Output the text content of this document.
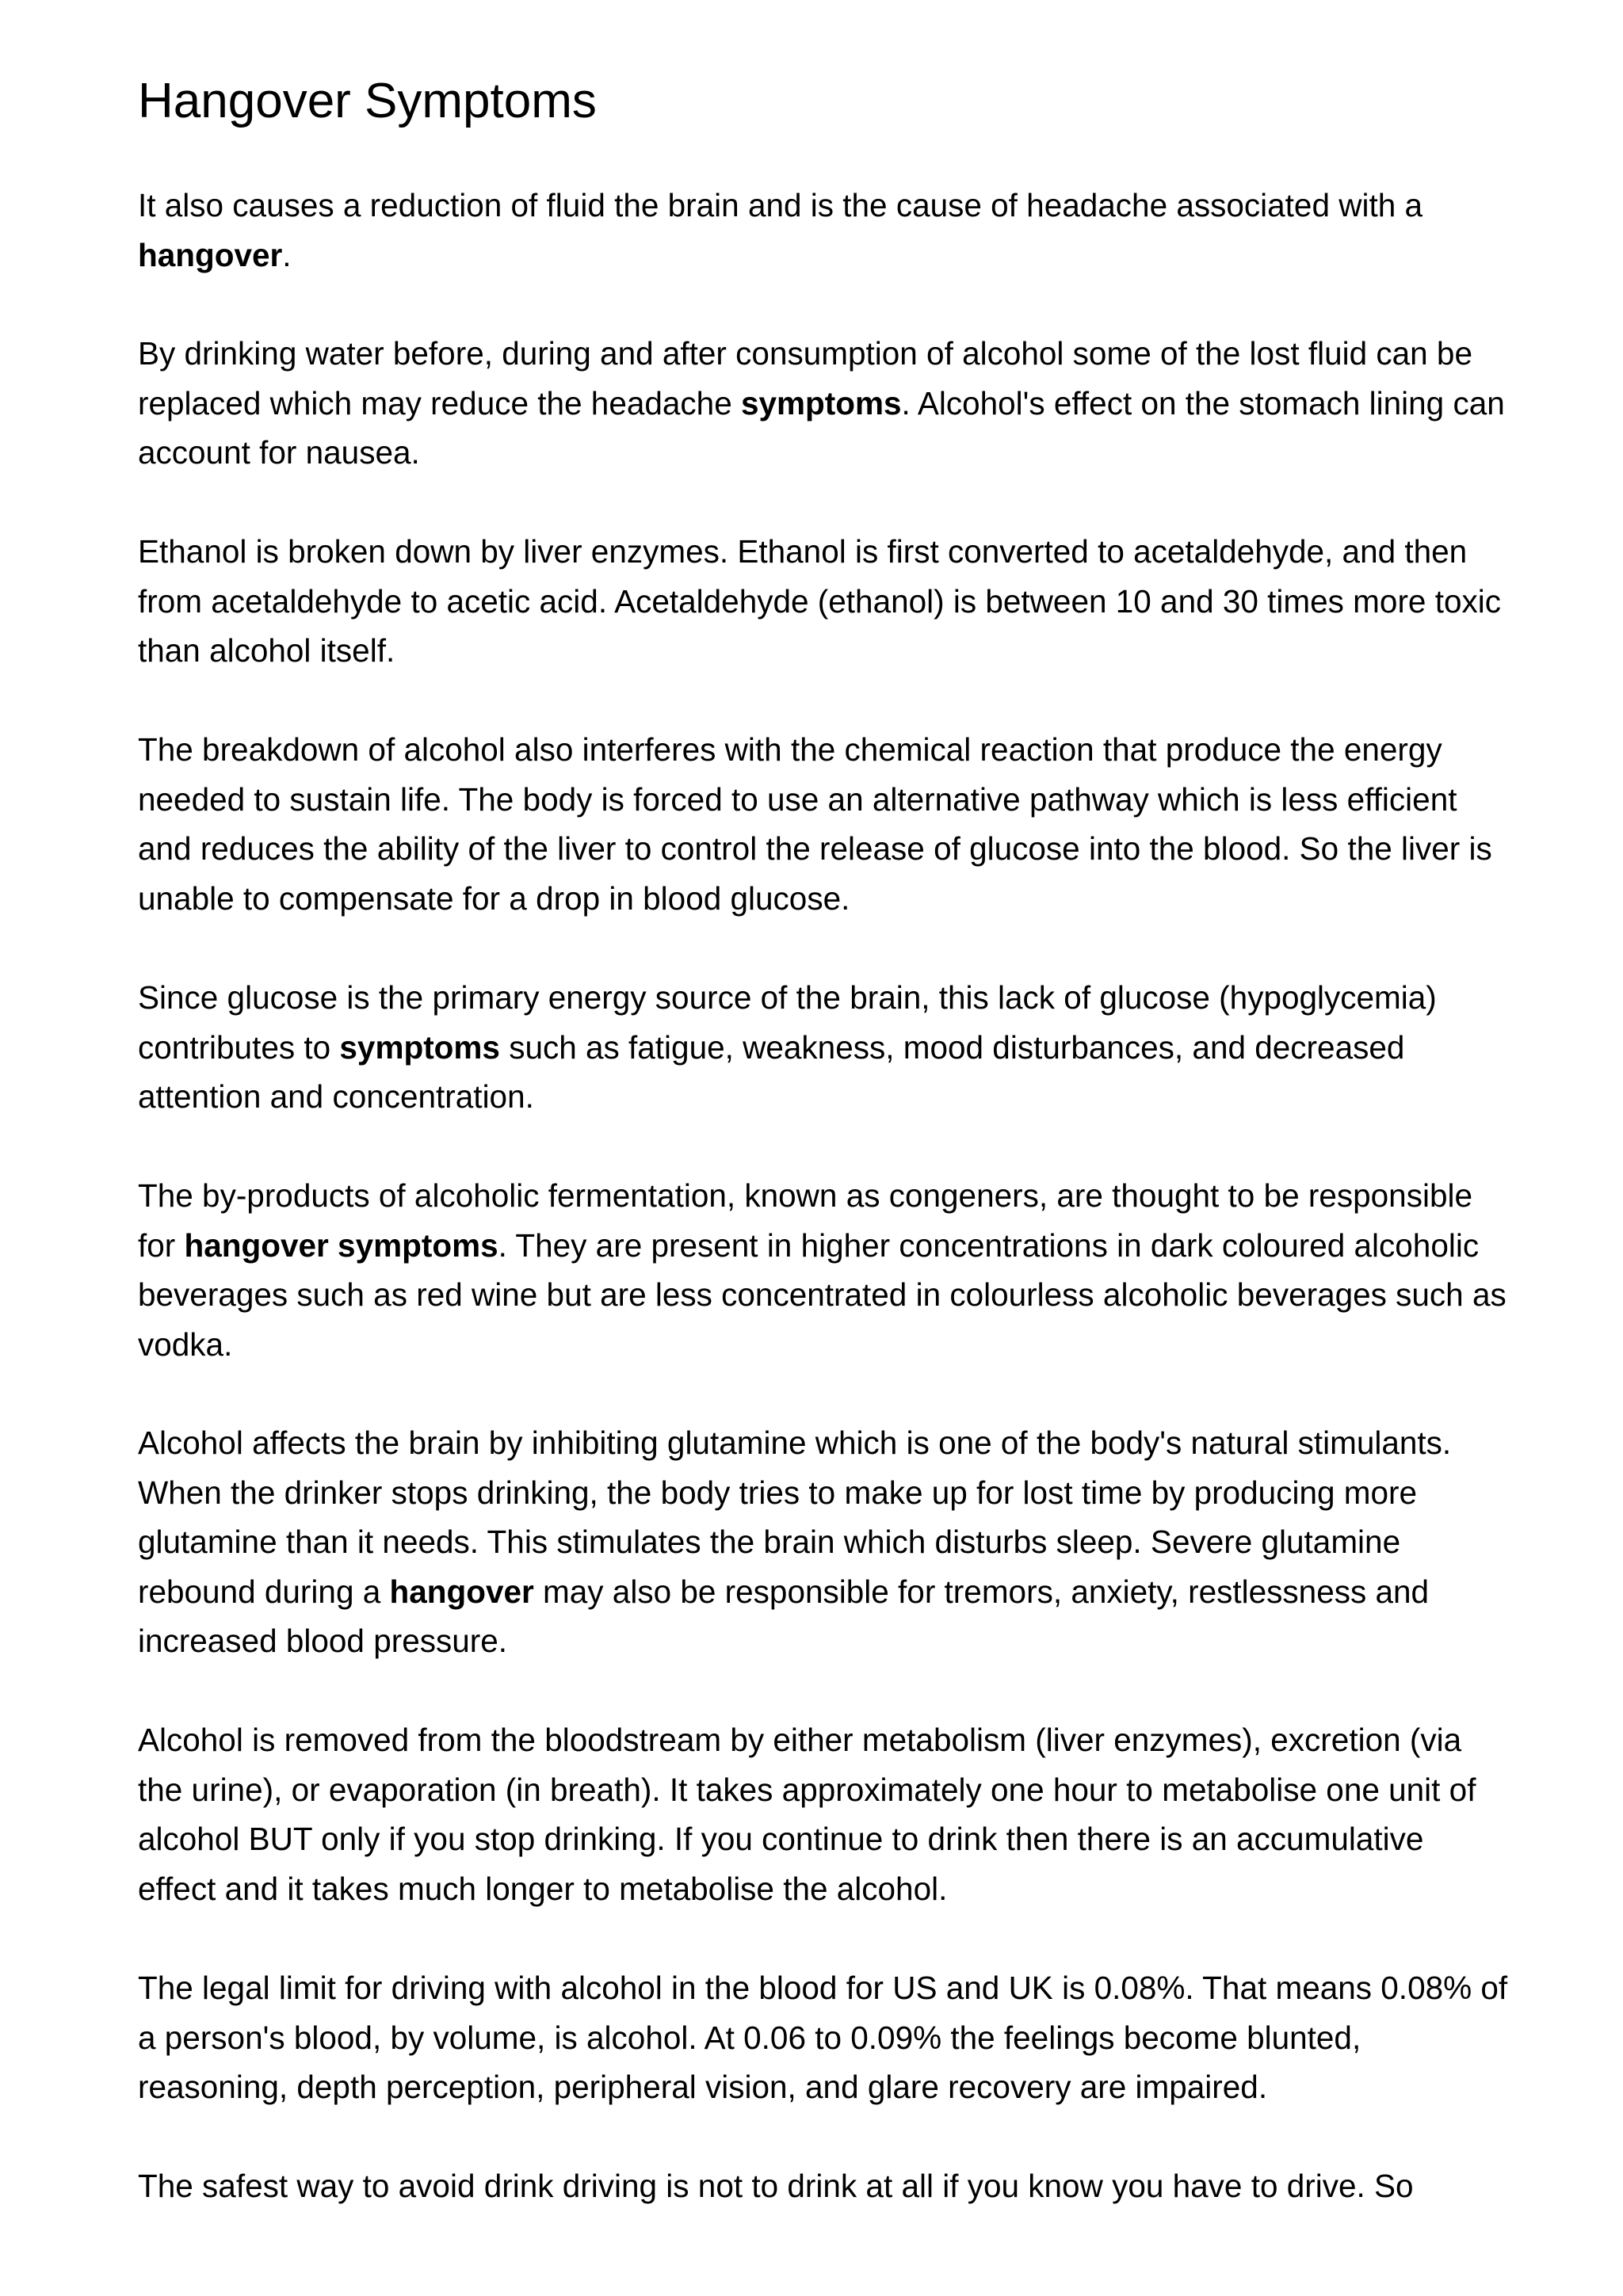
Hangover Symptoms

It also causes a reduction of fluid the brain and is the cause of headache associated with a hangover.

By drinking water before, during and after consumption of alcohol some of the lost fluid can be replaced which may reduce the headache symptoms. Alcohol's effect on the stomach lining can account for nausea.

Ethanol is broken down by liver enzymes. Ethanol is first converted to acetaldehyde, and then from acetaldehyde to acetic acid. Acetaldehyde (ethanol) is between 10 and 30 times more toxic than alcohol itself.

The breakdown of alcohol also interferes with the chemical reaction that produce the energy needed to sustain life. The body is forced to use an alternative pathway which is less efficient and reduces the ability of the liver to control the release of glucose into the blood. So the liver is unable to compensate for a drop in blood glucose.

Since glucose is the primary energy source of the brain, this lack of glucose (hypoglycemia) contributes to symptoms such as fatigue, weakness, mood disturbances, and decreased attention and concentration.

The by-products of alcoholic fermentation, known as congeners, are thought to be responsible for hangover symptoms. They are present in higher concentrations in dark coloured alcoholic beverages such as red wine but are less concentrated in colourless alcoholic beverages such as vodka.

Alcohol affects the brain by inhibiting glutamine which is one of the body's natural stimulants. When the drinker stops drinking, the body tries to make up for lost time by producing more glutamine than it needs. This stimulates the brain which disturbs sleep. Severe glutamine rebound during a hangover may also be responsible for tremors, anxiety, restlessness and increased blood pressure.

Alcohol is removed from the bloodstream by either metabolism (liver enzymes), excretion (via the urine), or evaporation (in breath). It takes approximately one hour to metabolise one unit of alcohol BUT only if you stop drinking. If you continue to drink then there is an accumulative effect and it takes much longer to metabolise the alcohol.

The legal limit for driving with alcohol in the blood for US and UK is 0.08%. That means 0.08% of a person's blood, by volume, is alcohol. At 0.06 to 0.09% the feelings become blunted, reasoning, depth perception, peripheral vision, and glare recovery are impaired.

The safest way to avoid drink driving is not to drink at all if you know you have to drive. So
